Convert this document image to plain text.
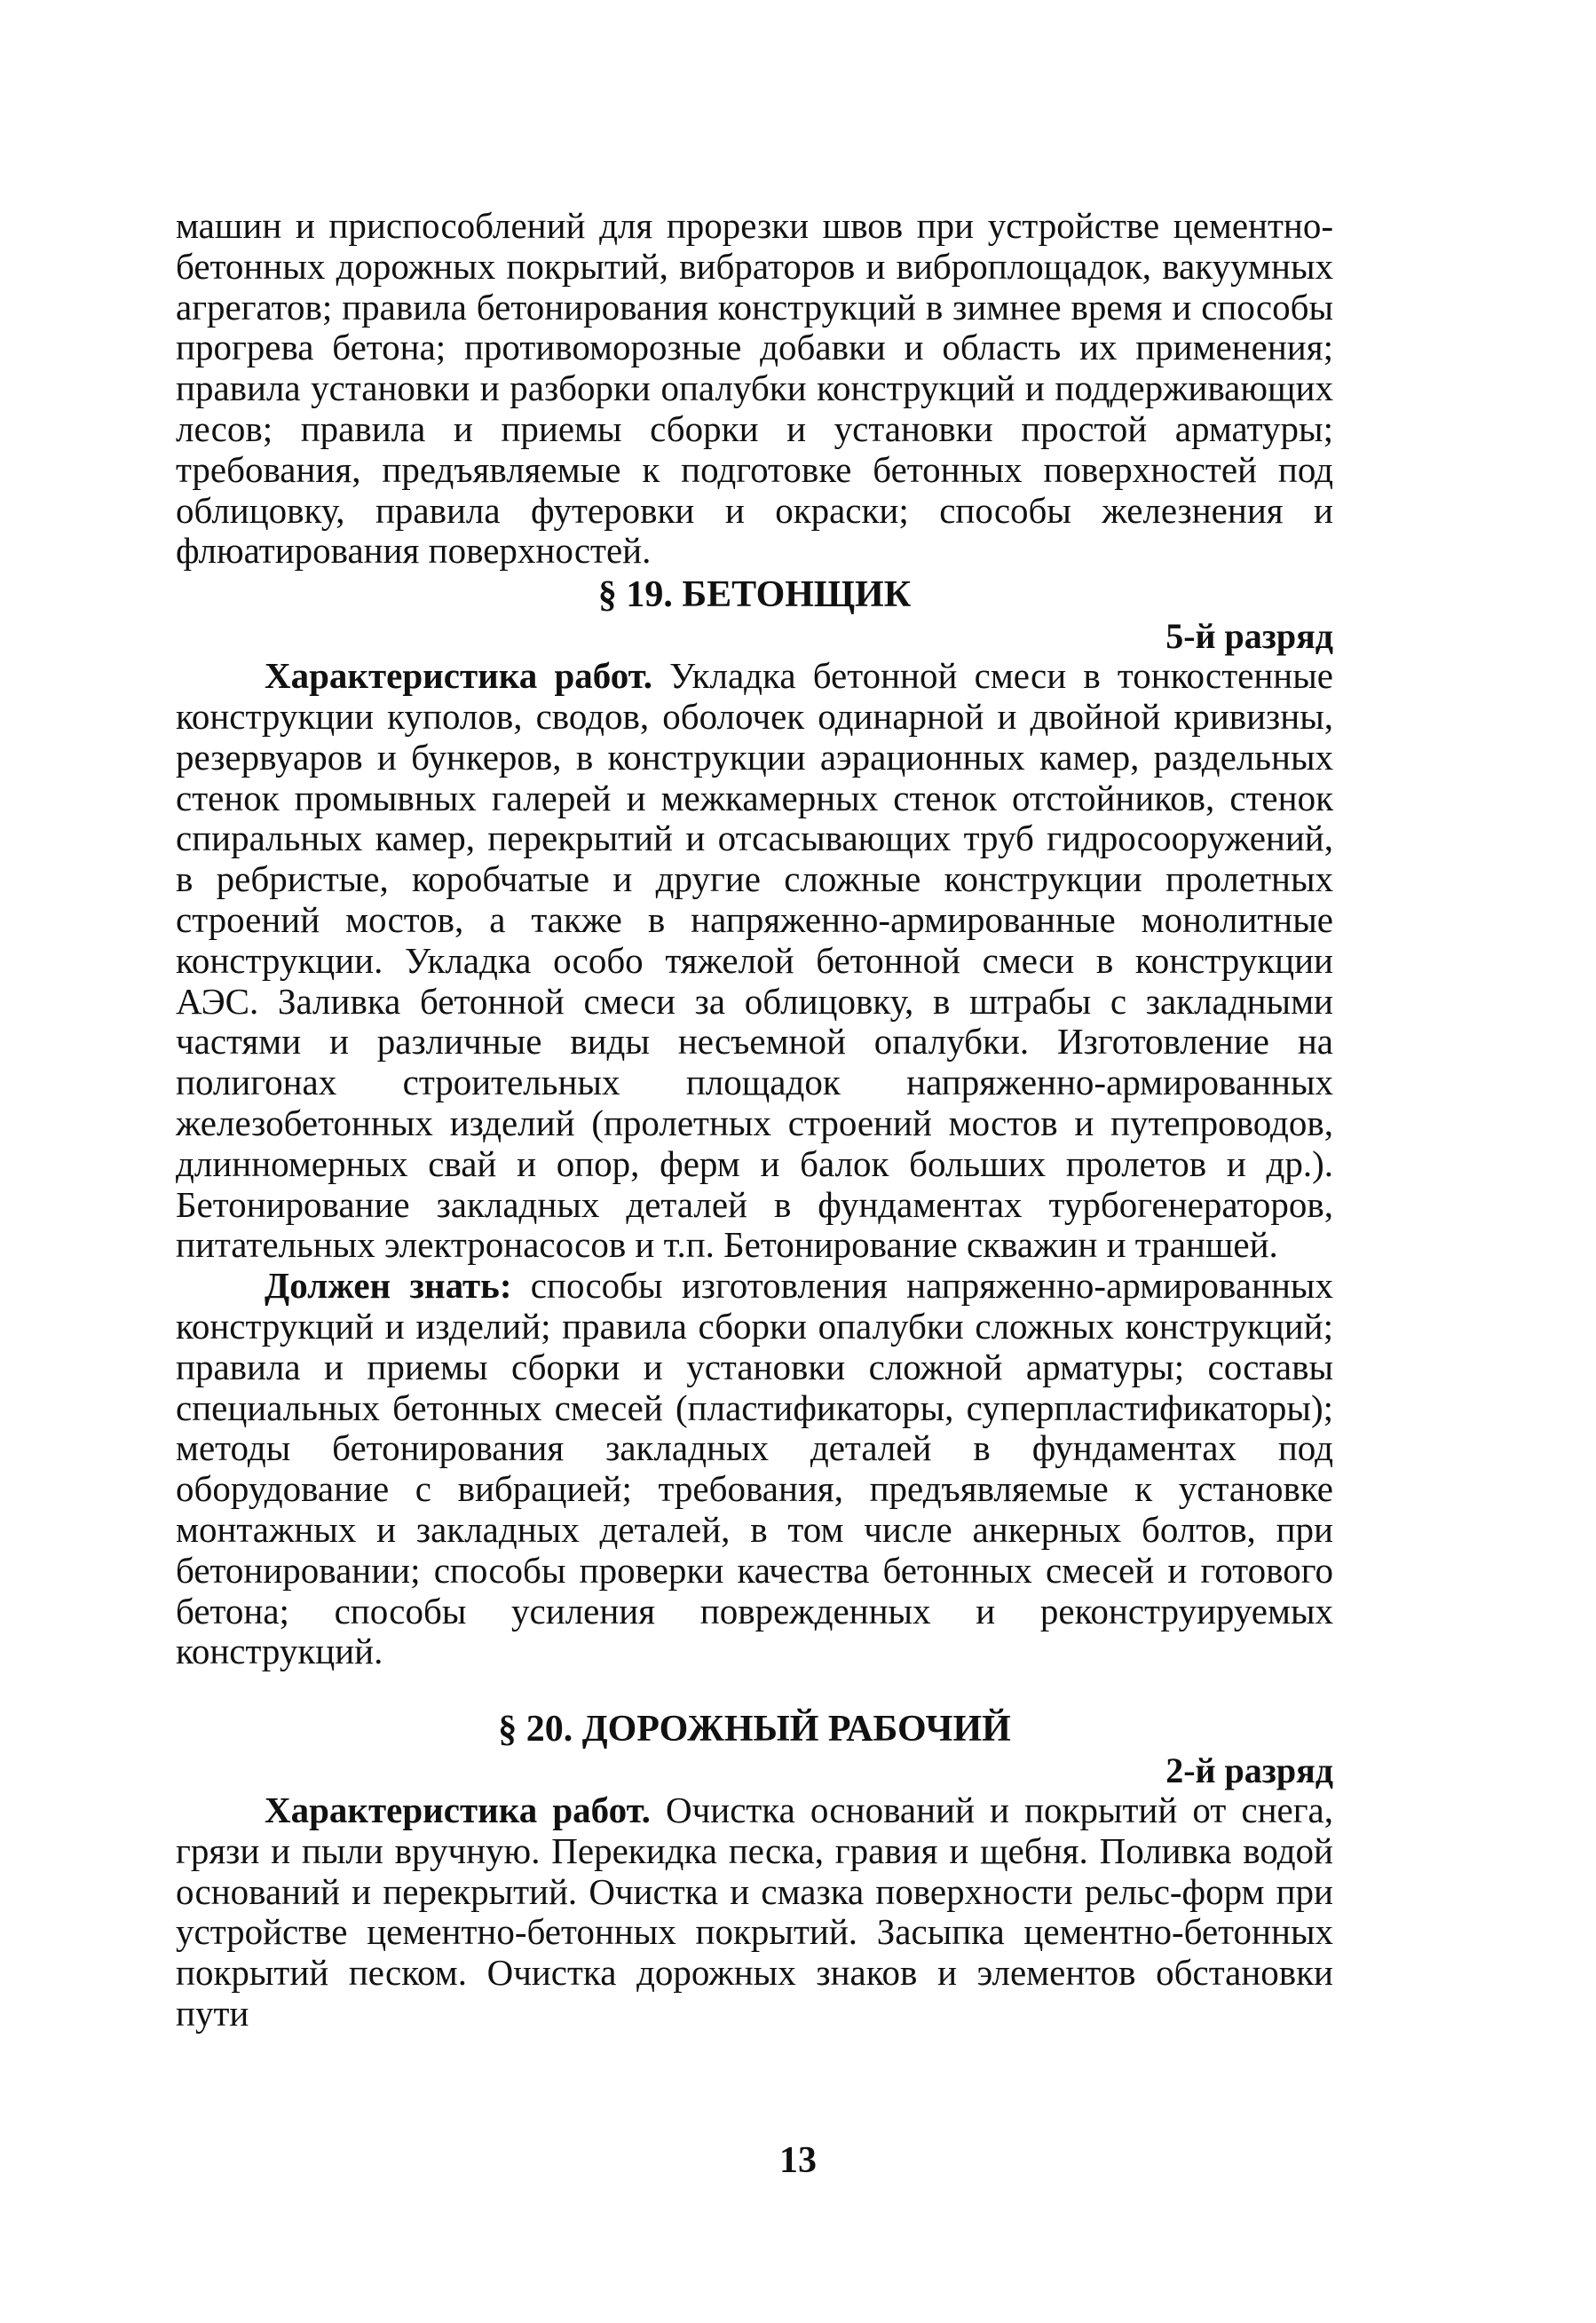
машин и приспособлений для прорезки швов при устройстве цементно-бетонных дорожных покрытий, вибраторов и виброплощадок, вакуумных агрегатов; правила бетонирования конструкций в зимнее время и способы прогрева бетона; противоморозные добавки и область их применения; правила установки и разборки опалубки конструкций и поддерживающих лесов; правила и приемы сборки и установки простой арматуры; требования, предъявляемые к подготовке бетонных поверхностей под облицовку, правила футеровки и окраски; способы железнения и флюатирования поверхностей.

§ 19. БЕТОНЩИК

5-й разряд

Характеристика работ. Укладка бетонной смеси в тонкостенные конструкции куполов, сводов, оболочек одинарной и двойной кривизны, резервуаров и бункеров, в конструкции аэрационных камер, раздельных стенок промывных галерей и межкамерных стенок отстойников, стенок спиральных камер, перекрытий и отсасывающих труб гидросооружений, в ребристые, коробчатые и другие сложные конструкции пролетных строений мостов, а также в напряженно-армированные монолитные конструкции. Укладка особо тяжелой бетонной смеси в конструкции АЭС. Заливка бетонной смеси за облицовку, в штрабы с закладными частями и различные виды несъемной опалубки. Изготовление на полигонах строительных площадок напряженно-армированных железобетонных изделий (пролетных строений мостов и путепроводов, длинномерных свай и опор, ферм и балок больших пролетов и др.). Бетонирование закладных деталей в фундаментах турбогенераторов, питательных электронасосов и т.п. Бетонирование скважин и траншей.

Должен знать: способы изготовления напряженно-армированных конструкций и изделий; правила сборки опалубки сложных конструкций; правила и приемы сборки и установки сложной арматуры; составы специальных бетонных смесей (пластификаторы, суперпластификаторы); методы бетонирования закладных деталей в фундаментах под оборудование с вибрацией; требования, предъявляемые к установке монтажных и закладных деталей, в том числе анкерных болтов, при бетонировании; способы проверки качества бетонных смесей и готового бетона; способы усиления поврежденных и реконструируемых конструкций.

§ 20. ДОРОЖНЫЙ РАБОЧИЙ

2-й разряд

Характеристика работ. Очистка оснований и покрытий от снега, грязи и пыли вручную. Перекидка песка, гравия и щебня. Поливка водой оснований и перекрытий. Очистка и смазка поверхности рельс-форм при устройстве цементно-бетонных покрытий. Засыпка цементно-бетонных покрытий песком. Очистка дорожных знаков и элементов обстановки пути

13
